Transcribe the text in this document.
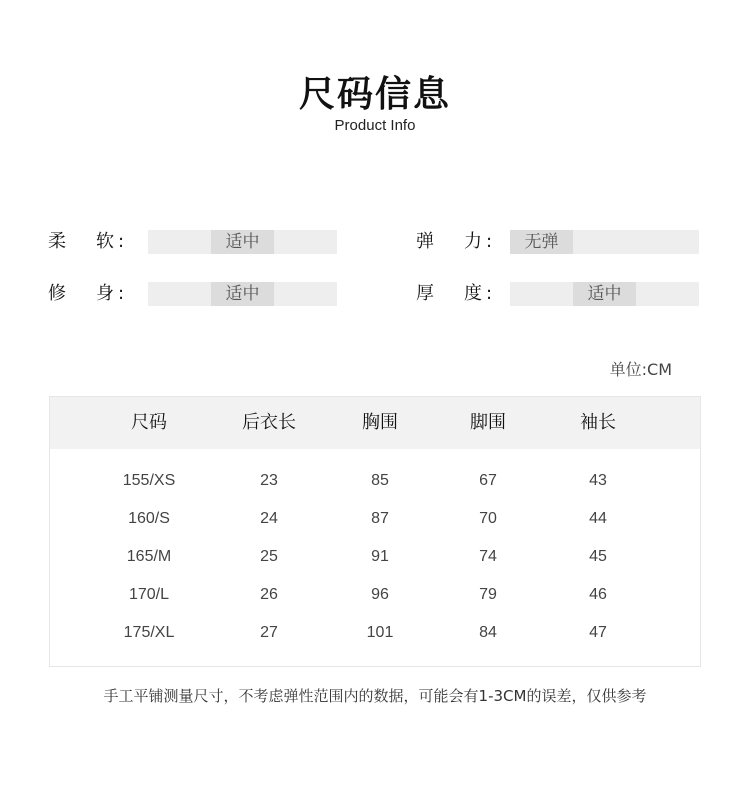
尺码信息
Product Info
柔 软 :	适中	弹 力 :	无弹
修 身 :	适中	厚 度 :	适中
单位:CM
尺码	后衣长	胸围	脚围	袖长
155/XS	23	85	67	43
160/S	24	87	70	44
165/M	25	91	74	45
170/L	26	96	79	46
175/XL	27	101	84	47
手工平铺测量尺寸，不考虑弹性范围内的数据，可能会有1-3CM的误差，仅供参考
